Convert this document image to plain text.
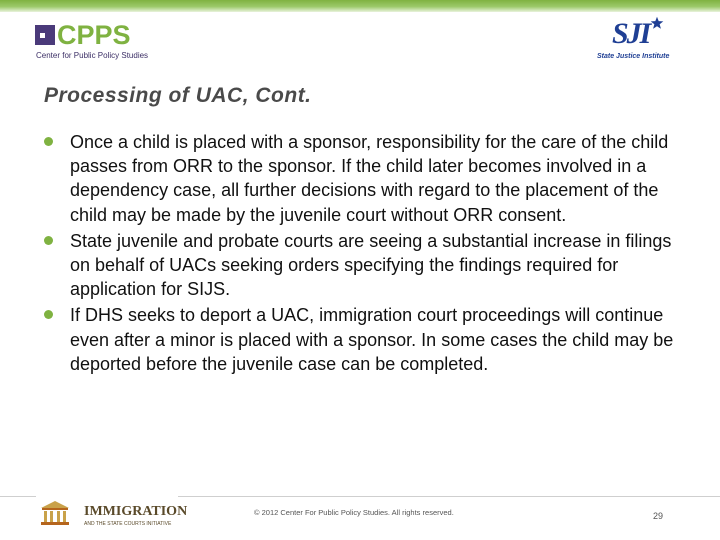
CPPS
Center for Public Policy Studies
SJI
State Justice Institute
Processing of UAC, Cont.
Once a child is placed with a sponsor, responsibility for the care of the child passes from ORR to the sponsor. If the child later becomes involved in a dependency case, all further decisions with regard to the placement of the child may be made by the juvenile court without ORR consent.
State juvenile and probate courts are seeing a substantial increase in filings on behalf of UACs seeking orders specifying the findings required for application for SIJS.
If DHS seeks to deport a UAC, immigration court proceedings will continue even after a minor is placed with a sponsor. In some cases the child may be deported before the juvenile case can be completed.
IMMIGRATION
AND THE STATE COURTS INITIATIVE
© 2012 Center For Public Policy Studies. All rights reserved.	29
